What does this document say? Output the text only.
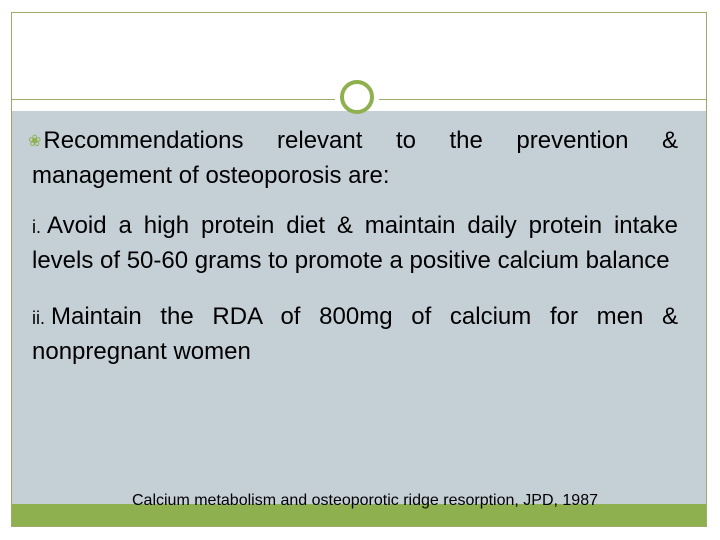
❀Recommendations relevant to the prevention & management of osteoporosis are:

i. Avoid a high protein diet & maintain daily protein intake levels of 50-60 grams to promote a positive calcium balance

ii. Maintain the RDA of 800mg of calcium for men & nonpregnant women

Calcium metabolism and osteoporotic ridge resorption, JPD, 1987
